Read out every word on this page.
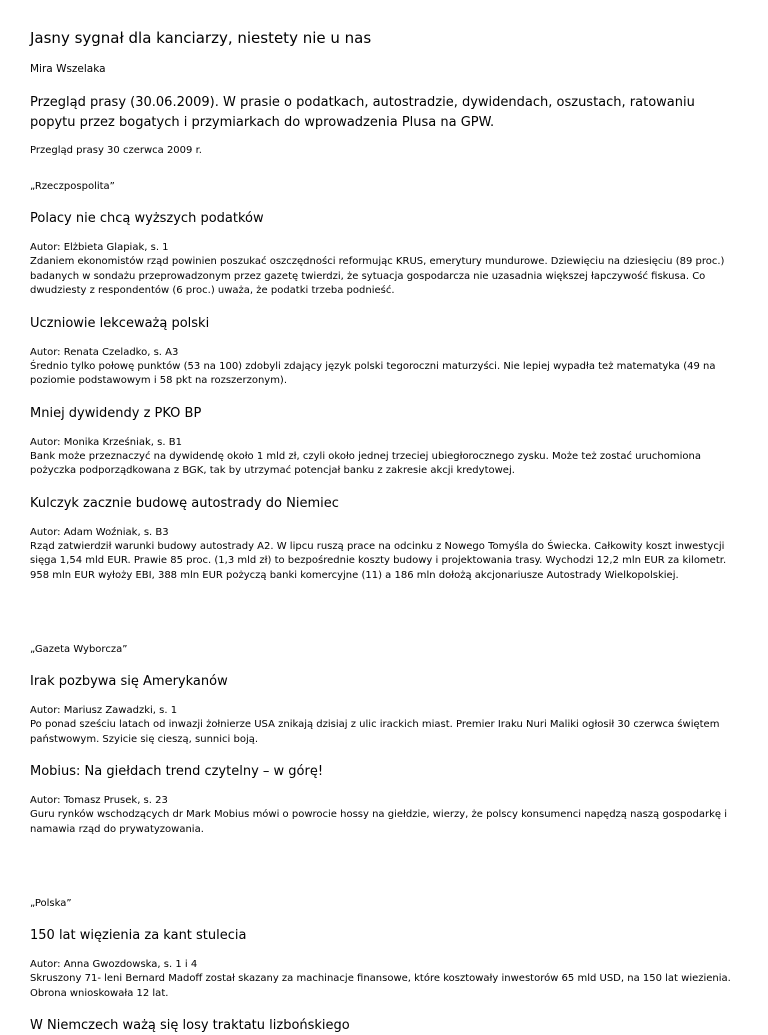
Jasny sygnał dla kanciarzy, niestety nie u nas

Mira Wszelaka

Przegląd prasy (30.06.2009). W prasie o podatkach, autostradzie, dywidendach, oszustach, ratowaniu popytu przez bogatych i przymiarkach do wprowadzenia Plusa na GPW.

Przegląd prasy 30 czerwca 2009 r.

„Rzeczpospolita”

Polacy nie chcą wyższych podatków

Autor: Elżbieta Glapiak, s. 1

Zdaniem ekonomistów rząd powinien poszukać oszczędności reformując KRUS, emerytury mundurowe. Dziewięciu na dziesięciu (89 proc.) badanych w sondażu przeprowadzonym przez gazetę twierdzi, że sytuacja gospodarcza nie uzasadnia większej łapczywość fiskusa. Co dwudziesty z respondentów (6 proc.) uważa, że podatki trzeba podnieść.

Uczniowie lekceważą polski

Autor: Renata Czeladko, s. A3

Średnio tylko połowę punktów (53 na 100) zdobyli zdający język polski tegoroczni maturzyści. Nie lepiej wypadła też matematyka (49 na poziomie podstawowym i 58 pkt na rozszerzonym).

Mniej dywidendy z PKO BP

Autor: Monika Krześniak, s. B1

Bank może przeznaczyć na dywidendę około 1 mld zł, czyli około jednej trzeciej ubiegłorocznego zysku. Może też zostać uruchomiona pożyczka podporządkowana z BGK, tak by utrzymać potencjał banku z zakresie akcji kredytowej.

Kulczyk zacznie budowę autostrady do Niemiec

Autor: Adam Woźniak, s. B3

Rząd zatwierdził warunki budowy autostrady A2. W lipcu ruszą prace na odcinku z Nowego Tomyśla do Świecka. Całkowity koszt inwestycji sięga 1,54 mld EUR. Prawie 85 proc. (1,3 mld zł) to bezpośrednie koszty budowy i projektowania trasy. Wychodzi 12,2 mln EUR za kilometr. 958 mln EUR wyłoży EBI, 388 mln EUR pożyczą banki komercyjne (11) a 186 mln dołożą akcjonariusze Autostrady Wielkopolskiej.

„Gazeta Wyborcza”

Irak pozbywa się Amerykanów

Autor: Mariusz Zawadzki, s. 1

Po ponad sześciu latach od inwazji żołnierze USA znikają dzisiaj z ulic irackich miast. Premier Iraku Nuri Maliki ogłosił 30 czerwca świętem państwowym. Szyicie się cieszą, sunnici boją.

Mobius: Na giełdach trend czytelny – w górę!

Autor: Tomasz Prusek, s. 23

Guru rynków wschodzących dr Mark Mobius mówi o powrocie hossy na giełdzie, wierzy, że polscy konsumenci napędzą naszą gospodarkę i namawia rząd do prywatyzowania.

„Polska”

150 lat więzienia za kant stulecia

Autor: Anna Gwozdowska, s. 1 i 4

Skruszony 71- leni Bernard Madoff został skazany za machinacje finansowe, które kosztowały inwestorów 65 mld USD, na 150 lat wiezienia. Obrona wnioskowała 12 lat.

W Niemczech ważą się losy traktatu lizbońskiego
